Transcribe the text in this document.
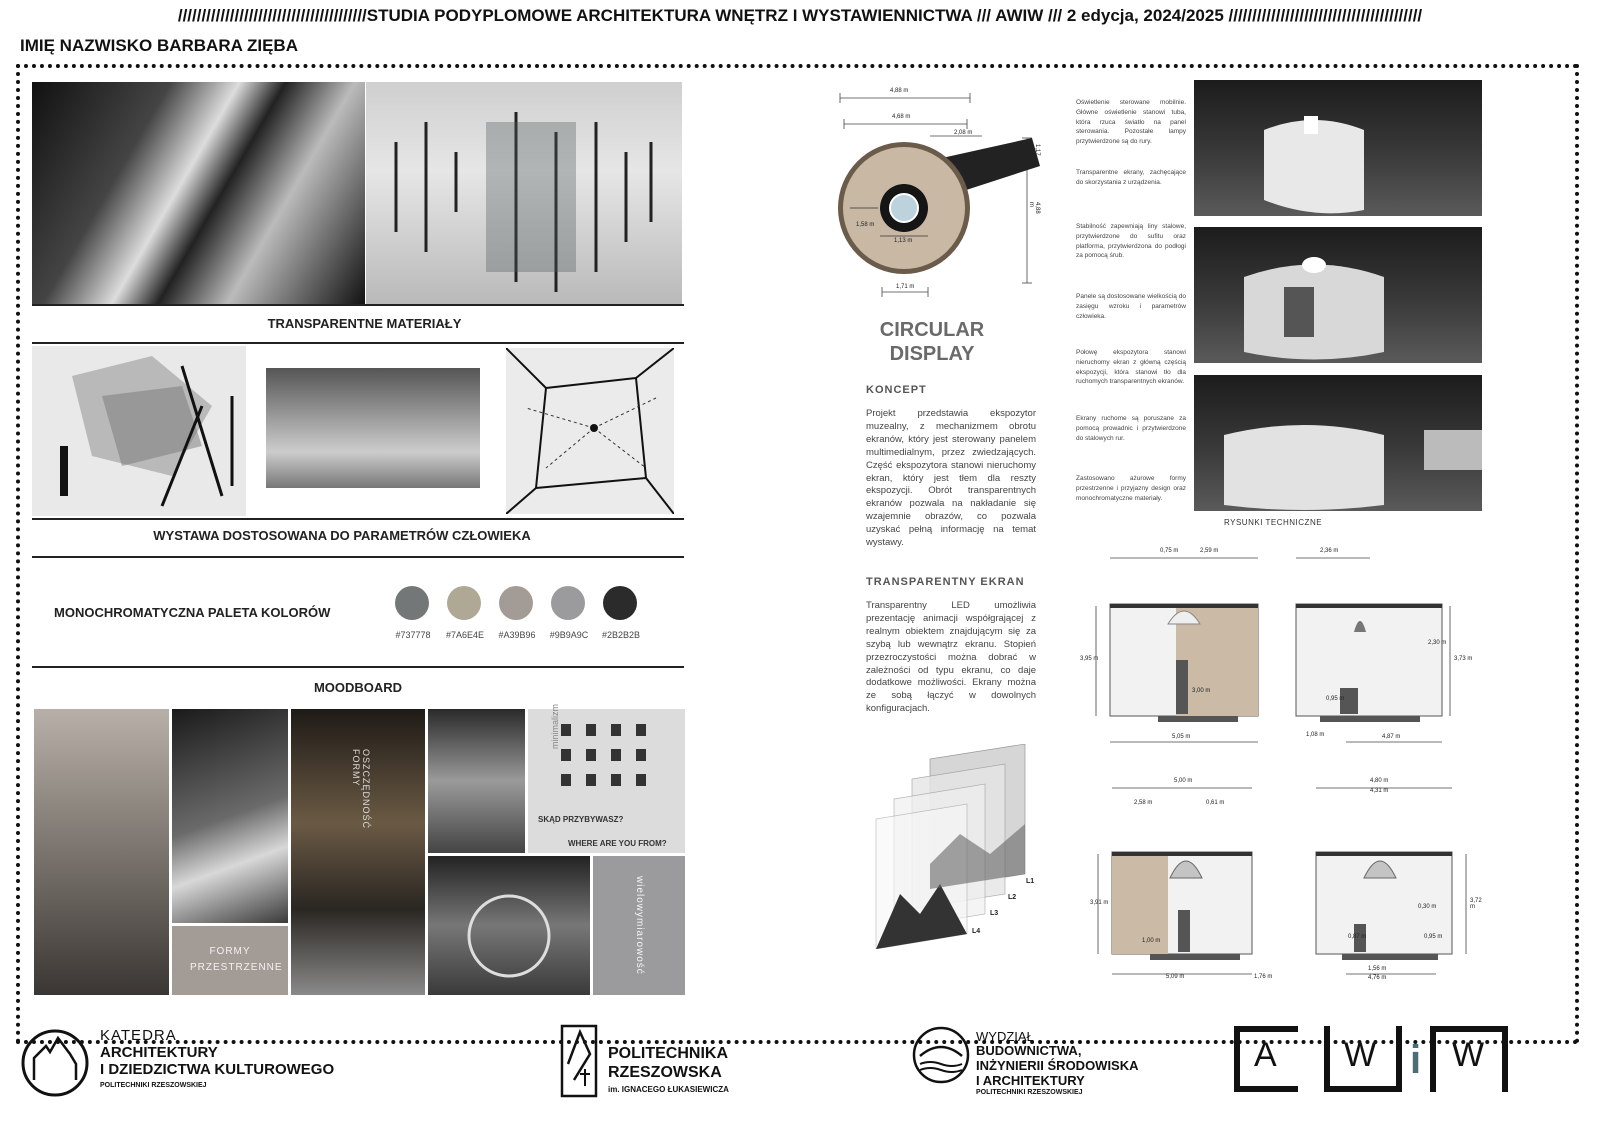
////////////////////////////////////////STUDIA PODYPLOMOWE ARCHITEKTURA WNĘTRZ I WYSTAWIENNICTWA /// AWIW /// 2 edycja, 2024/2025 /////////////////////////////////////////
IMIĘ NAZWISKO BARBARA ZIĘBA
TRANSPARENTNE MATERIAŁY
WYSTAWA DOSTOSOWANA DO PARAMETRÓW CZŁOWIEKA
MONOCHROMATYCZNA PALETA KOLORÓW
#737778	#7A6E4E	#A39B96	#9B9A9C	#2B2B2B
MOODBOARD
FORMY PRZESTRZENNE
OSZCZĘDNOŚĆ FORMY
minimalizm
SKĄD PRZYBYWASZ?
WHERE ARE YOU FROM?
wielowymiarowość
4,88 m
4,68 m
2,08 m
1,17 m
4,88 m
1,58 m
1,13 m
1,71 m
CIRCULAR DISPLAY
KONCEPT
Projekt przedstawia ekspozytor muzealny, z mechanizmem obrotu ekranów, który jest sterowany panelem multimedialnym, przez zwiedzających. Część ekspozytora stanowi nieruchomy ekran, który jest tłem dla reszty ekspozycji. Obrót transparentnych ekranów pozwala na nakładanie się wzajemnie obrazów, co pozwala uzyskać pełną informację na temat wystawy.
TRANSPARENTNY EKRAN
Transparentny LED umożliwia prezentację animacji współgrającej z realnym obiektem znajdującym się za szybą lub wewnątrz ekranu. Stopień przezroczystości można dobrać w zależności od typu ekranu, co daje dodatkowe możliwości. Ekrany można ze sobą łączyć w dowolnych konfiguracjach.
L1
L2
L3
L4
Oświetlenie sterowane mobilnie. Główne oświetlenie stanowi tuba, która rzuca światło na panel sterowania. Pozostałe lampy przytwierdzone są do rury.
Transparentne ekrany, zachęcające do skorzystania z urządzenia.
Stabilność zapewniają liny stalowe, przytwierdzone do sufitu oraz platforma, przytwierdzona do podłogi za pomocą śrub.
Panele są dostosowane wielkością do zasięgu wzroku i parametrów człowieka.
Połowę ekspozytora stanowi nieruchomy ekran z główną częścią ekspozycji, która stanowi tło dla ruchomych transparentnych ekranów.
Ekrany ruchome są poruszane za pomocą prowadnic i przytwierdzone do stalowych rur.
Zastosowano ażurowe formy przestrzenne i przyjazny design oraz monochromatyczne materiały.
RYSUNKI TECHNICZNE
0,75 m	2,59 m
3,95 m
3,00 m
5,05 m
2,36 m
2,30 m
3,73 m
0,95 m
1,08 m	4,87 m
5,00 m
2,58 m	0,61 m
3,91 m
1,00 m
5,09 m	1,76 m
4,80 m
4,31 m
0,30 m
3,72 m
0,87 m	0,95 m
1,56 m
4,76 m
KATEDRA
ARCHITEKTURY
I DZIEDZICTWA KULTUROWEGO
POLITECHNIKI RZESZOWSKIEJ
POLITECHNIKA
RZESZOWSKA
im. IGNACEGO ŁUKASIEWICZA
WYDZIAŁ
BUDOWNICTWA,
INŻYNIERII ŚRODOWISKA
I ARCHITEKTURY
POLITECHNIKI RZESZOWSKIEJ
A W i W
